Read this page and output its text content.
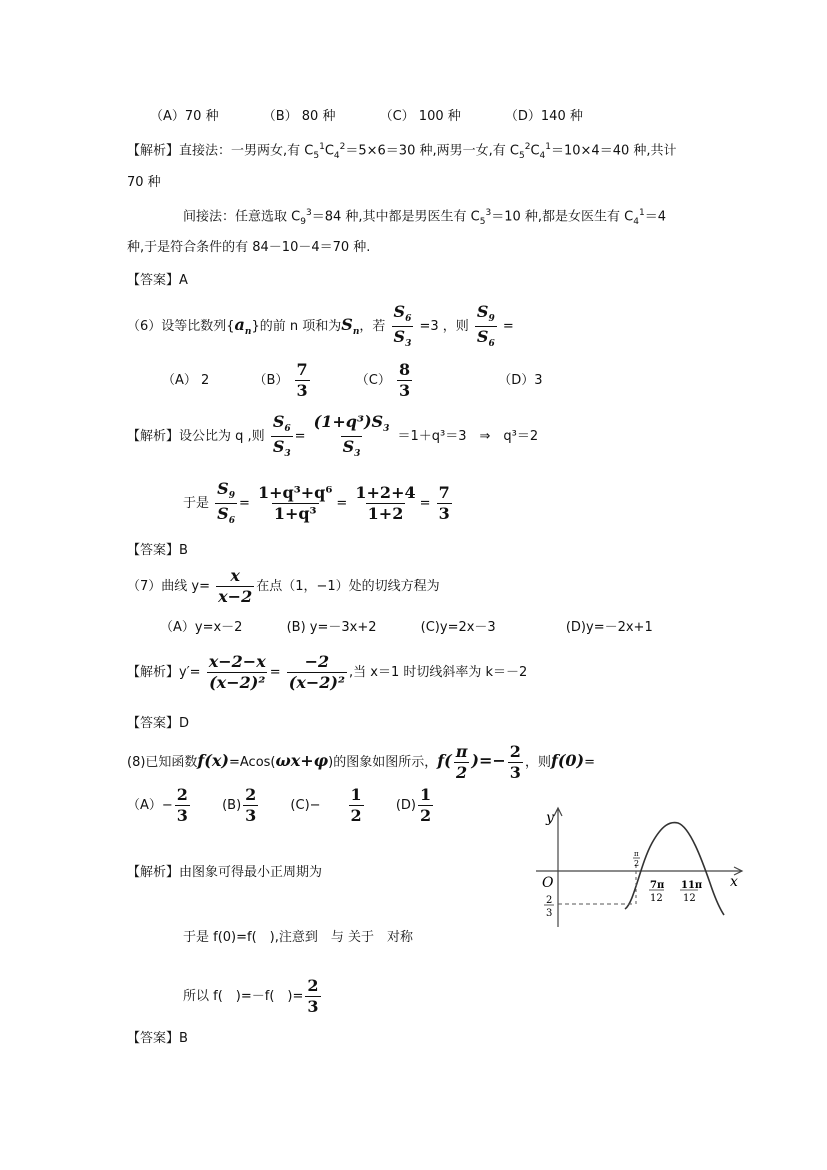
（A）70 种	（B） 80 种	（C） 100 种	（D）140 种
【解析】直接法：一男两女,有 $C_5^1C_4^2=5\times 6=30$ 种,两男一女,有 $C_5^2C_4^1=10\times 4=40$ 种,共计
70 种
间接法：任意选取 $C_9^3=84$ 种,其中都是男医生有 $C_5^3=10$ 种,都是女医生有 $C_4^1=4$
种,于是符合条件的有 84－10－4＝70 种.
【答案】A
（6）设等比数列$\{a_n\}$的前 n 项和为$S_n$，若 $\frac{S_6}{S_3} =3$ ，则 $\frac{S_9}{S_6}$ =
（A） 2	$(B) \frac{7}{3}$	$(C) \frac{8}{3}$	（D）3
【解析】设公比为 q ,则 $\frac{S_6}{S_3} = \frac{(1+q^3)S_3}{S_3} =1+q^3=3$　⇒　q³＝2
于是 $\frac{S_9}{S_6} = \frac{\text{1+q³+q⁶}}{\text{1+q³}} = \frac{1+2+4}{1+2} = \frac{7}{3}$
【答案】B
（7）曲线 $y= \frac{x}{x-2}$ 在点（1，−1）处的切线方程为
（A）y=x－2	(B) y=－3x+2	(C)y=2x－3	(D)y=－2x+1
【解析】$y'= \frac{x-2-x}{\text{(x−2)²}} = \frac{-2}{\text{(x−2)²}}$ ,当 x＝1 时切线斜率为 k＝－2
【答案】D
(8)已知函数f(x)=Acos(ωx+φ)的图象如图所示，$f( \frac{\pi}{2}$ )=− $\frac{2}{3}$ ，则f(0)=
$(A)- \frac{2}{3} (B) \frac{2}{3} (C)- \frac{1}{2} (D) \frac{1}{2}$
【解析】由图象可得最小正周期为
于是 f(0)=f(　),注意到　与 关于　对称
所以 f(　)=－f(　)= $\frac{2}{3}$
【答案】B
y
x
O
π
2
7π
12
11π
12
2
3
